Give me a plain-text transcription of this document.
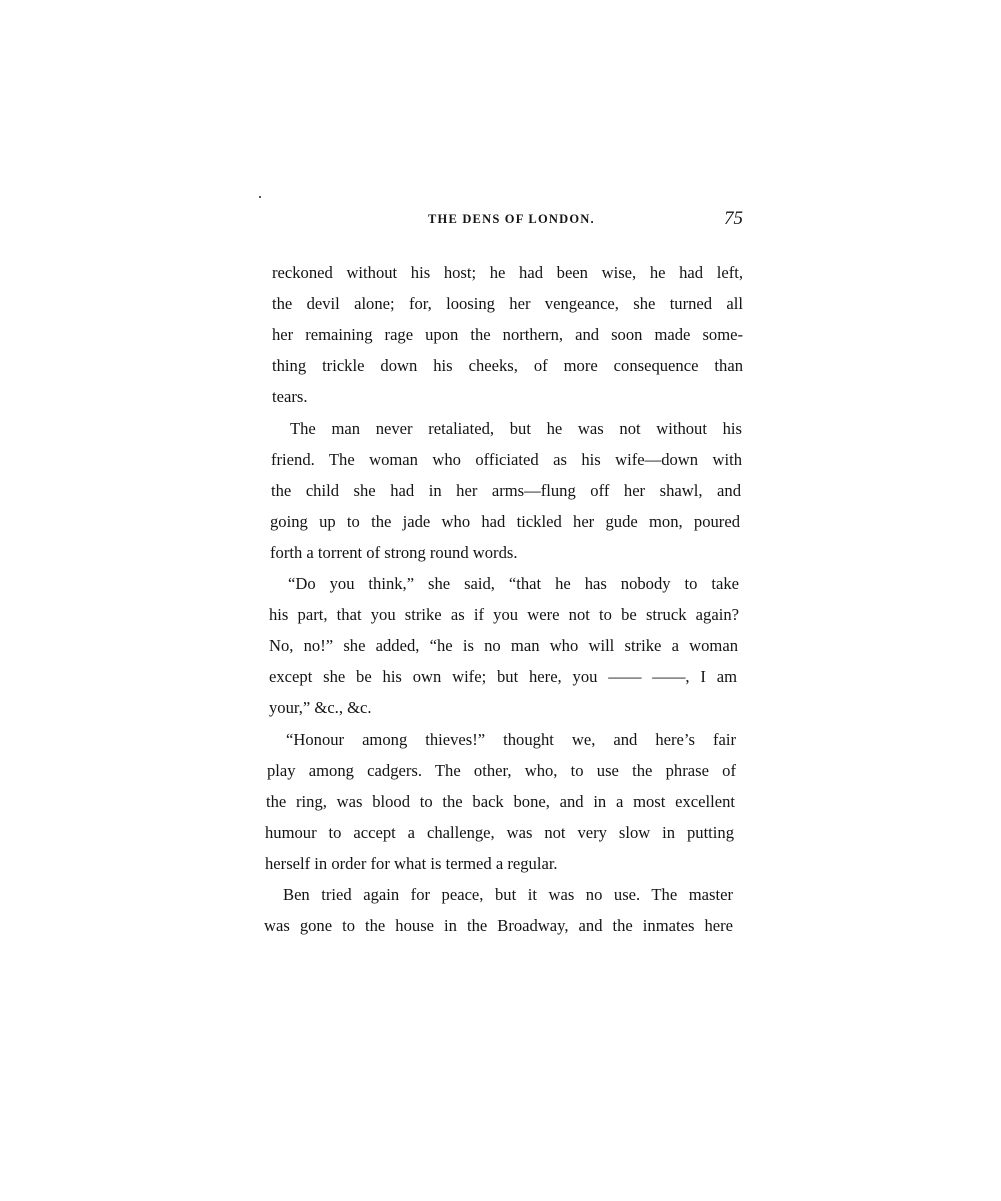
THE DENS OF LONDON.	75
reckoned without his host; he had been wise, he had left,
the devil alone; for, loosing her vengeance, she turned all
her remaining rage upon the northern, and soon made some-
thing trickle down his cheeks, of more consequence than
tears.
The man never retaliated, but he was not without his
friend. The woman who officiated as his wife—down with
the child she had in her arms—flung off her shawl, and
going up to the jade who had tickled her gude mon, poured
forth a torrent of strong round words.
“Do you think,” she said, “that he has nobody to take
his part, that you strike as if you were not to be struck again?
No, no!” she added, “he is no man who will strike a woman
except she be his own wife; but here, you —— ——, I am
your,” &c., &c.
“Honour among thieves!” thought we, and here’s fair
play among cadgers. The other, who, to use the phrase of
the ring, was blood to the back bone, and in a most excellent
humour to accept a challenge, was not very slow in putting
herself in order for what is termed a regular.
Ben tried again for peace, but it was no use. The master
was gone to the house in the Broadway, and the inmates here
